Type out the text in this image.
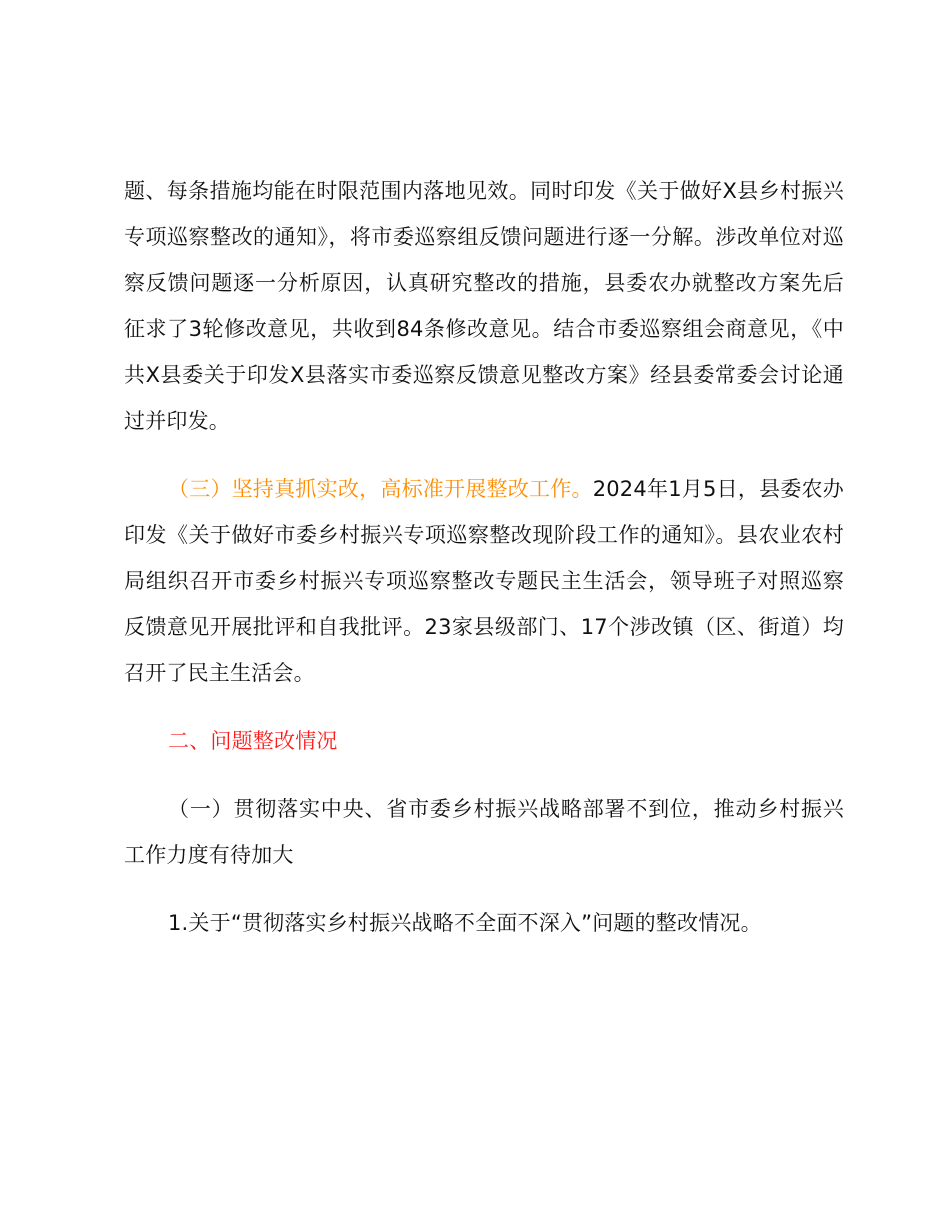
题、每条措施均能在时限范围内落地见效。同时印发《关于做好X县乡村振兴专项巡察整改的通知》，将市委巡察组反馈问题进行逐一分解。涉改单位对巡察反馈问题逐一分析原因，认真研究整改的措施，县委农办就整改方案先后征求了3轮修改意见，共收到84条修改意见。结合市委巡察组会商意见，《中共X县委关于印发X县落实市委巡察反馈意见整改方案》经县委常委会讨论通过并印发。

（三）坚持真抓实改，高标准开展整改工作。2024年1月5日，县委农办印发《关于做好市委乡村振兴专项巡察整改现阶段工作的通知》。县农业农村局组织召开市委乡村振兴专项巡察整改专题民主生活会，领导班子对照巡察反馈意见开展批评和自我批评。23家县级部门、17个涉改镇（区、街道）均召开了民主生活会。

二、问题整改情况

（一）贯彻落实中央、省市委乡村振兴战略部署不到位，推动乡村振兴工作力度有待加大

1.关于“贯彻落实乡村振兴战略不全面不深入”问题的整改情况。
